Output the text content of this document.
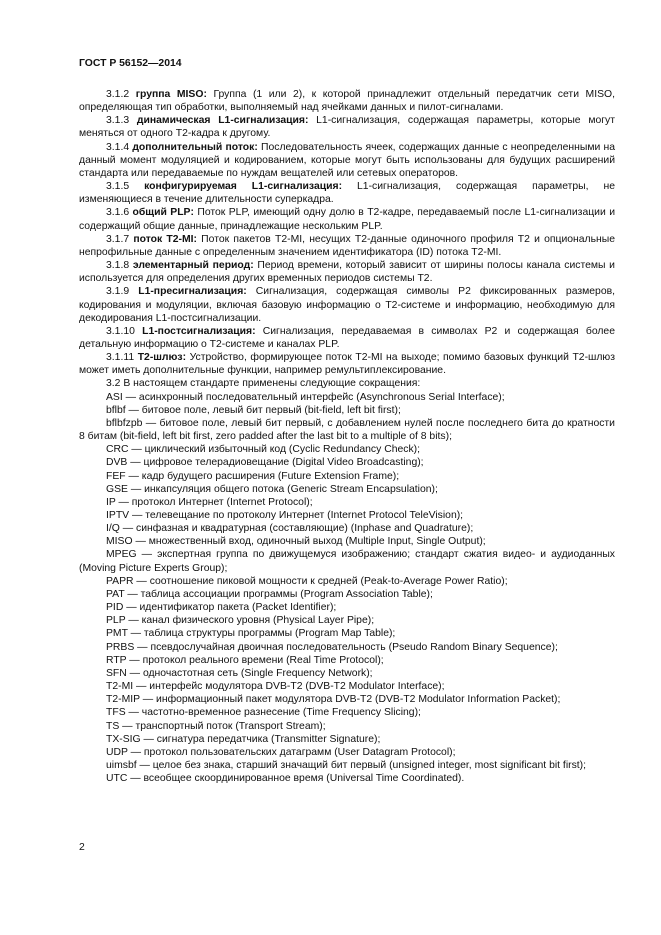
ГОСТ Р 56152—2014

3.1.2 группа MISO: Группа (1 или 2), к которой принадлежит отдельный передатчик сети MISO, определяющая тип обработки, выполняемый над ячейками данных и пилот-сигналами.

3.1.3 динамическая L1-сигнализация: L1-сигнализация, содержащая параметры, которые могут меняться от одного T2-кадра к другому.

3.1.4 дополнительный поток: Последовательность ячеек, содержащих данные с неопределенными на данный момент модуляцией и кодированием, которые могут быть использованы для будущих расширений стандарта или передаваемые по нуждам вещателей или сетевых операторов.

3.1.5 конфигурируемая L1-сигнализация: L1-сигнализация, содержащая параметры, не изменяющиеся в течение длительности суперкадра.

3.1.6 общий PLP: Поток PLP, имеющий одну долю в T2-кадре, передаваемый после L1-сигнализации и содержащий общие данные, принадлежащие нескольким PLP.

3.1.7 поток T2-MI: Поток пакетов T2-MI, несущих T2-данные одиночного профиля T2 и опциональные непрофильные данные с определенным значением идентификатора (ID) потока T2-MI.

3.1.8 элементарный период: Период времени, который зависит от ширины полосы канала системы и используется для определения других временных периодов системы T2.

3.1.9 L1-пресигнализация: Сигнализация, содержащая символы P2 фиксированных размеров, кодирования и модуляции, включая базовую информацию о T2-системе и информацию, необходимую для декодирования L1-постсигнализации.

3.1.10 L1-постсигнализация: Сигнализация, передаваемая в символах P2 и содержащая более детальную информацию о T2-системе и каналах PLP.

3.1.11 T2-шлюз: Устройство, формирующее поток T2-MI на выходе; помимо базовых функций T2-шлюз может иметь дополнительные функции, например ремультиплексирование.

3.2 В настоящем стандарте применены следующие сокращения:

ASI — асинхронный последовательный интерфейс (Asynchronous Serial Interface);

bflbf — битовое поле, левый бит первый (bit-field, left bit first);

bflbfzpb — битовое поле, левый бит первый, с добавлением нулей после последнего бита до кратности 8 битам (bit-field, left bit first, zero padded after the last bit to a multiple of 8 bits);

CRC — циклический избыточный код (Cyclic Redundancy Check);

DVB — цифровое телерадиовещание (Digital Video Broadcasting);

FEF — кадр будущего расширения (Future Extension Frame);

GSE — инкапсуляция общего потока (Generic Stream Encapsulation);

IP — протокол Интернет (Internet Protocol);

IPTV — телевещание по протоколу Интернет (Internet Protocol TeleVision);

I/Q — синфазная и квадратурная (составляющие) (Inphase and Quadrature);

MISO — множественный вход, одиночный выход (Multiple Input, Single Output);

MPEG — экспертная группа по движущемуся изображению; стандарт сжатия видео- и аудиоданных (Moving Picture Experts Group);

PAPR — соотношение пиковой мощности к средней (Peak-to-Average Power Ratio);

PAT — таблица ассоциации программы (Program Association Table);

PID — идентификатор пакета (Packet Identifier);

PLP — канал физического уровня (Physical Layer Pipe);

PMT — таблица структуры программы (Program Map Table);

PRBS — псевдослучайная двоичная последовательность (Pseudo Random Binary Sequence);

RTP — протокол реального времени (Real Time Protocol);

SFN — одночастотная сеть (Single Frequency Network);

T2-MI — интерфейс модулятора DVB-T2 (DVB-T2 Modulator Interface);

T2-MIP — информационный пакет модулятора DVB-T2 (DVB-T2 Modulator Information Packet);

TFS — частотно-временное разнесение (Time Frequency Slicing);

TS — транспортный поток (Transport Stream);

TX-SIG — сигнатура передатчика (Transmitter Signature);

UDP — протокол пользовательских датаграмм (User Datagram Protocol);

uimsbf — целое без знака, старший значащий бит первый (unsigned integer, most significant bit first);

UTC — всеобщее скоординированное время (Universal Time Coordinated).

2
